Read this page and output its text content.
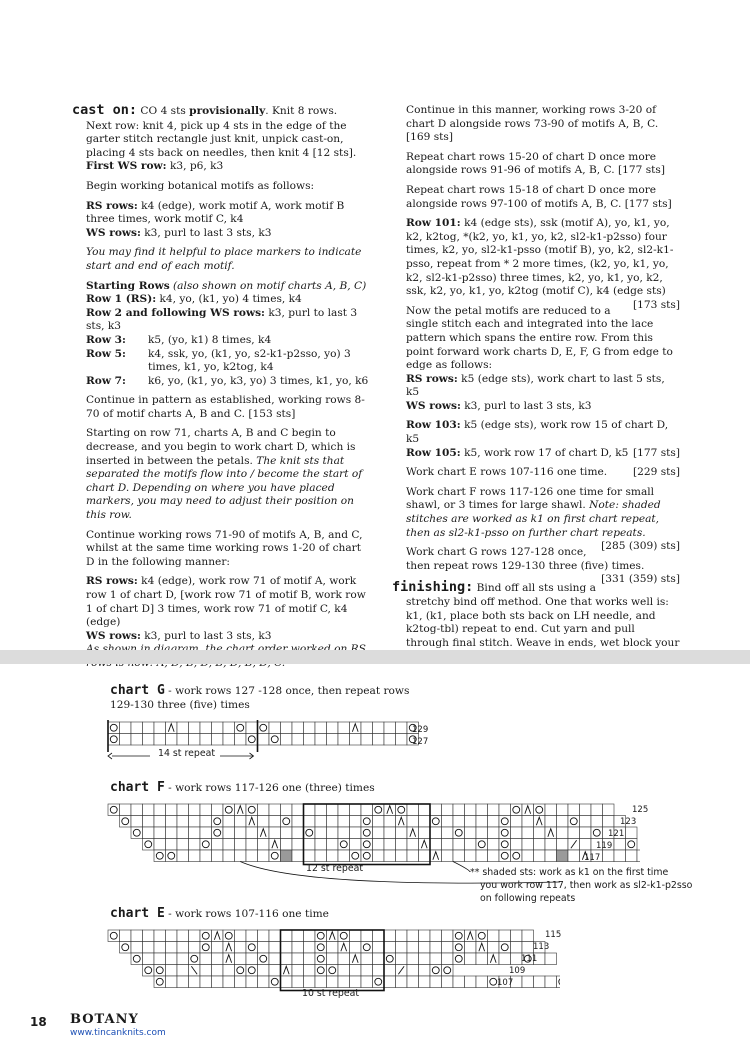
cast on: CO 4 sts provisionally. Knit 8 rows.

Next row: knit 4, pick up 4 sts in the edge of the garter stitch rectangle just knit, unpick cast-on, placing 4 sts back on needles, then knit 4 [12 sts].

First WS row: k3, p6, k3

Begin working botanical motifs as follows:

RS rows: k4 (edge), work motif A, work motif B three times, work motif C, k4
WS rows: k3, purl to last 3 sts, k3

You may find it helpful to place markers to indicate start and end of each motif.

Starting Rows (also shown on motif charts A, B, C)
Row 1 (RS): k4, yo, (k1, yo) 4 times, k4
Row 2 and following WS rows: k3, purl to last 3 sts, k3
Row 3:	k5, (yo, k1) 8 times, k4
Row 5:	k4, ssk, yo, (k1, yo, s2-k1-p2sso, yo) 3 times, k1, yo, k2tog, k4
Row 7:	k6, yo, (k1, yo, k3, yo) 3 times, k1, yo, k6

Continue in pattern as established, working rows 8-70 of motif charts A, B and C. [153 sts]

Starting on row 71, charts A, B and C begin to decrease, and you begin to work chart D, which is inserted in between the petals. The knit sts that separated the motifs flow into / become the start of chart D. Depending on where you have placed markers, you may need to adjust their position on this row.

Continue working rows 71-90 of motifs A, B, and C, whilst at the same time working rows 1-20 of chart D in the following manner:

RS rows: k4 (edge), work row 71 of motif A, work row 1 of chart D, [work row 71 of motif B, work row 1 of chart D] 3 times, work row 71 of motif C, k4 (edge)
WS rows: k3, purl to last 3 sts, k3

Continue in this manner, working rows 3-20 of chart D alongside rows 73-90 of motifs A, B, C. [169 sts]

Repeat chart rows 15-20 of chart D once more alongside rows 91-96 of motifs A, B, C. [177 sts]

Repeat chart rows 15-18 of chart D once more alongside rows 97-100 of motifs A, B, C. [177 sts]

Row 101: k4 (edge sts), ssk (motif A), yo, k1, yo, k2, k2tog, *(k2, yo, k1, yo, k2, sl2-k1-p2sso) four times, k2, yo, sl2-k1-psso (motif B), yo, k2, sl2-k1-psso, repeat from * 2 more times, (k2, yo, k1, yo, k2, sl2-k1-p2sso) three times, k2, yo, k1, yo, k2, ssk, k2, yo, k1, yo, k2tog (motif C), k4 (edge sts)
[173 sts]

Now the petal motifs are reduced to a single stitch each and integrated into the lace pattern which spans the entire row. From this point forward work charts D, E, F, G from edge to edge as follows:

RS rows: k5 (edge sts), work chart to last 5 sts, k5
WS rows: k3, purl to last 3 sts, k3

Row 103: k5 (edge sts), work row 15 of chart D, k5
Row 105: k5, work row 17 of chart D, k5 [177 sts]

Work chart E rows 107-116 one time. [229 sts]

Work chart F rows 117-126 one time for small shawl, or 3 times for large shawl. Note: shaded stitches are worked as k1 on first chart repeat, then as sl2-k1-psso on further chart repeats.
[285 (309) sts]

Work chart G rows 127-128 once, then repeat rows 129-130 three (five) times.
[331 (359) sts]

finishing: Bind off all sts using a stretchy bind off method. One that works well is: k1, (k1, place both sts back on LH needle, and k2tog-tbl) repeat to end. Cut yarn and pull through final stitch. Weave in ends, wet block your

chart G - work rows 127 -128 once, then repeat rows 129-130 three (five) times
129
127
14 st repeat
chart F - work rows 117-126 one (three) times
125
123
121
119
117
12 st repeat	** shaded sts: work as k1 on the first time
you work row 117, then work as sl2-k1-p2sso
on following repeats
chart E - work rows 107-116 one time
115
113
111
109
107
10 st repeat
18 BOTANY
www.tincanknits.com
